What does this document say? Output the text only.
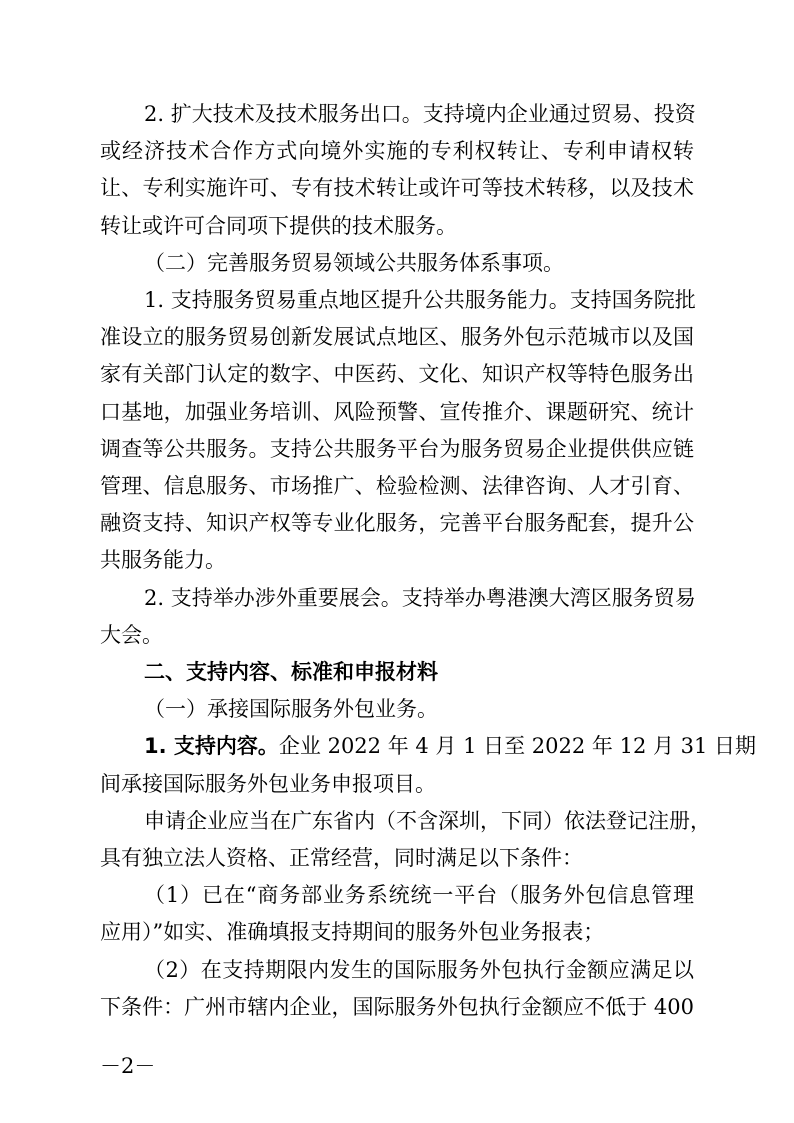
2. 扩大技术及技术服务出口。支持境内企业通过贸易、投资
或经济技术合作方式向境外实施的专利权转让、专利申请权转
让、专利实施许可、专有技术转让或许可等技术转移，以及技术
转让或许可合同项下提供的技术服务。
（二）完善服务贸易领域公共服务体系事项。
1. 支持服务贸易重点地区提升公共服务能力。支持国务院批
准设立的服务贸易创新发展试点地区、服务外包示范城市以及国
家有关部门认定的数字、中医药、文化、知识产权等特色服务出
口基地，加强业务培训、风险预警、宣传推介、课题研究、统计
调查等公共服务。支持公共服务平台为服务贸易企业提供供应链
管理、信息服务、市场推广、检验检测、法律咨询、人才引育、
融资支持、知识产权等专业化服务，完善平台服务配套，提升公
共服务能力。
2. 支持举办涉外重要展会。支持举办粤港澳大湾区服务贸易
大会。
二、支持内容、标准和申报材料
（一）承接国际服务外包业务。
1. 支持内容。企业 2022 年 4 月 1 日至 2022 年 12 月 31 日期
间承接国际服务外包业务申报项目。
申请企业应当在广东省内（不含深圳，下同）依法登记注册，
具有独立法人资格、正常经营，同时满足以下条件：
（1）已在“商务部业务系统统一平台（服务外包信息管理
应用）”如实、准确填报支持期间的服务外包业务报表；
（2）在支持期限内发生的国际服务外包执行金额应满足以
下条件：广州市辖内企业，国际服务外包执行金额应不低于 400
－2－
